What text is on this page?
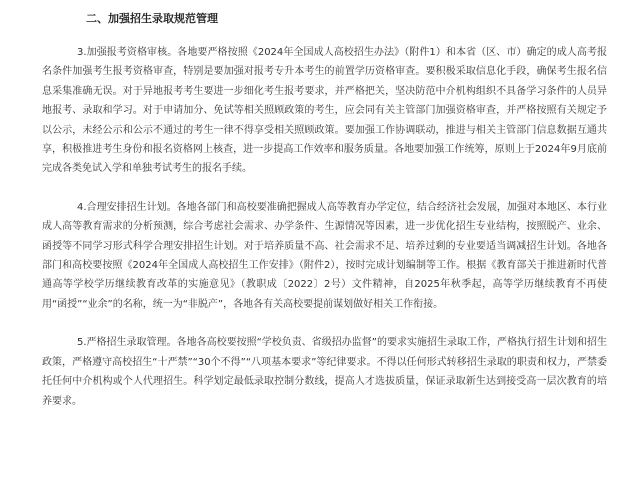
二、加强招生录取规范管理

3.加强报考资格审核。各地要严格按照《2024年全国成人高校招生办法》（附件1）和本省（区、市）确定的成人高考报名条件加强考生报考资格审查，特别是要加强对报考专升本考生的前置学历资格审查。要积极采取信息化手段，确保考生报名信息采集准确无误。对于异地报考考生要进一步细化考生报考要求，并严格把关，坚决防范中介机构组织不具备学习条件的人员异地报考、录取和学习。对于申请加分、免试等相关照顾政策的考生，应会同有关主管部门加强资格审查，并严格按照有关规定予以公示，未经公示和公示不通过的考生一律不得享受相关照顾政策。要加强工作协调联动，推进与相关主管部门信息数据互通共享，积极推进考生身份和报名资格网上核查，进一步提高工作效率和服务质量。各地要加强工作统筹，原则上于2024年9月底前完成各类免试入学和单独考试考生的报名手续。

4.合理安排招生计划。各地各部门和高校要准确把握成人高等教育办学定位，结合经济社会发展，加强对本地区、本行业成人高等教育需求的分析预测，综合考虑社会需求、办学条件、生源情况等因素，进一步优化招生专业结构，按照脱产、业余、函授等不同学习形式科学合理安排招生计划。对于培养质量不高、社会需求不足、培养过剩的专业要适当调减招生计划。各地各部门和高校要按照《2024年全国成人高校招生工作安排》（附件2），按时完成计划编制等工作。根据《教育部关于推进新时代普通高等学校学历继续教育改革的实施意见》（教职成〔2022〕2号）文件精神，自2025年秋季起，高等学历继续教育不再使用“函授”“业余”的名称，统一为“非脱产”，各地各有关高校要提前谋划做好相关工作衔接。

5.严格招生录取管理。各地各高校要按照“学校负责、省级招办监督”的要求实施招生录取工作，严格执行招生计划和招生政策，严格遵守高校招生“十严禁”“30个不得”“八项基本要求”等纪律要求。不得以任何形式转移招生录取的职责和权力，严禁委托任何中介机构或个人代理招生。科学划定最低录取控制分数线，提高人才选拔质量，保证录取新生达到接受高一层次教育的培养要求。
